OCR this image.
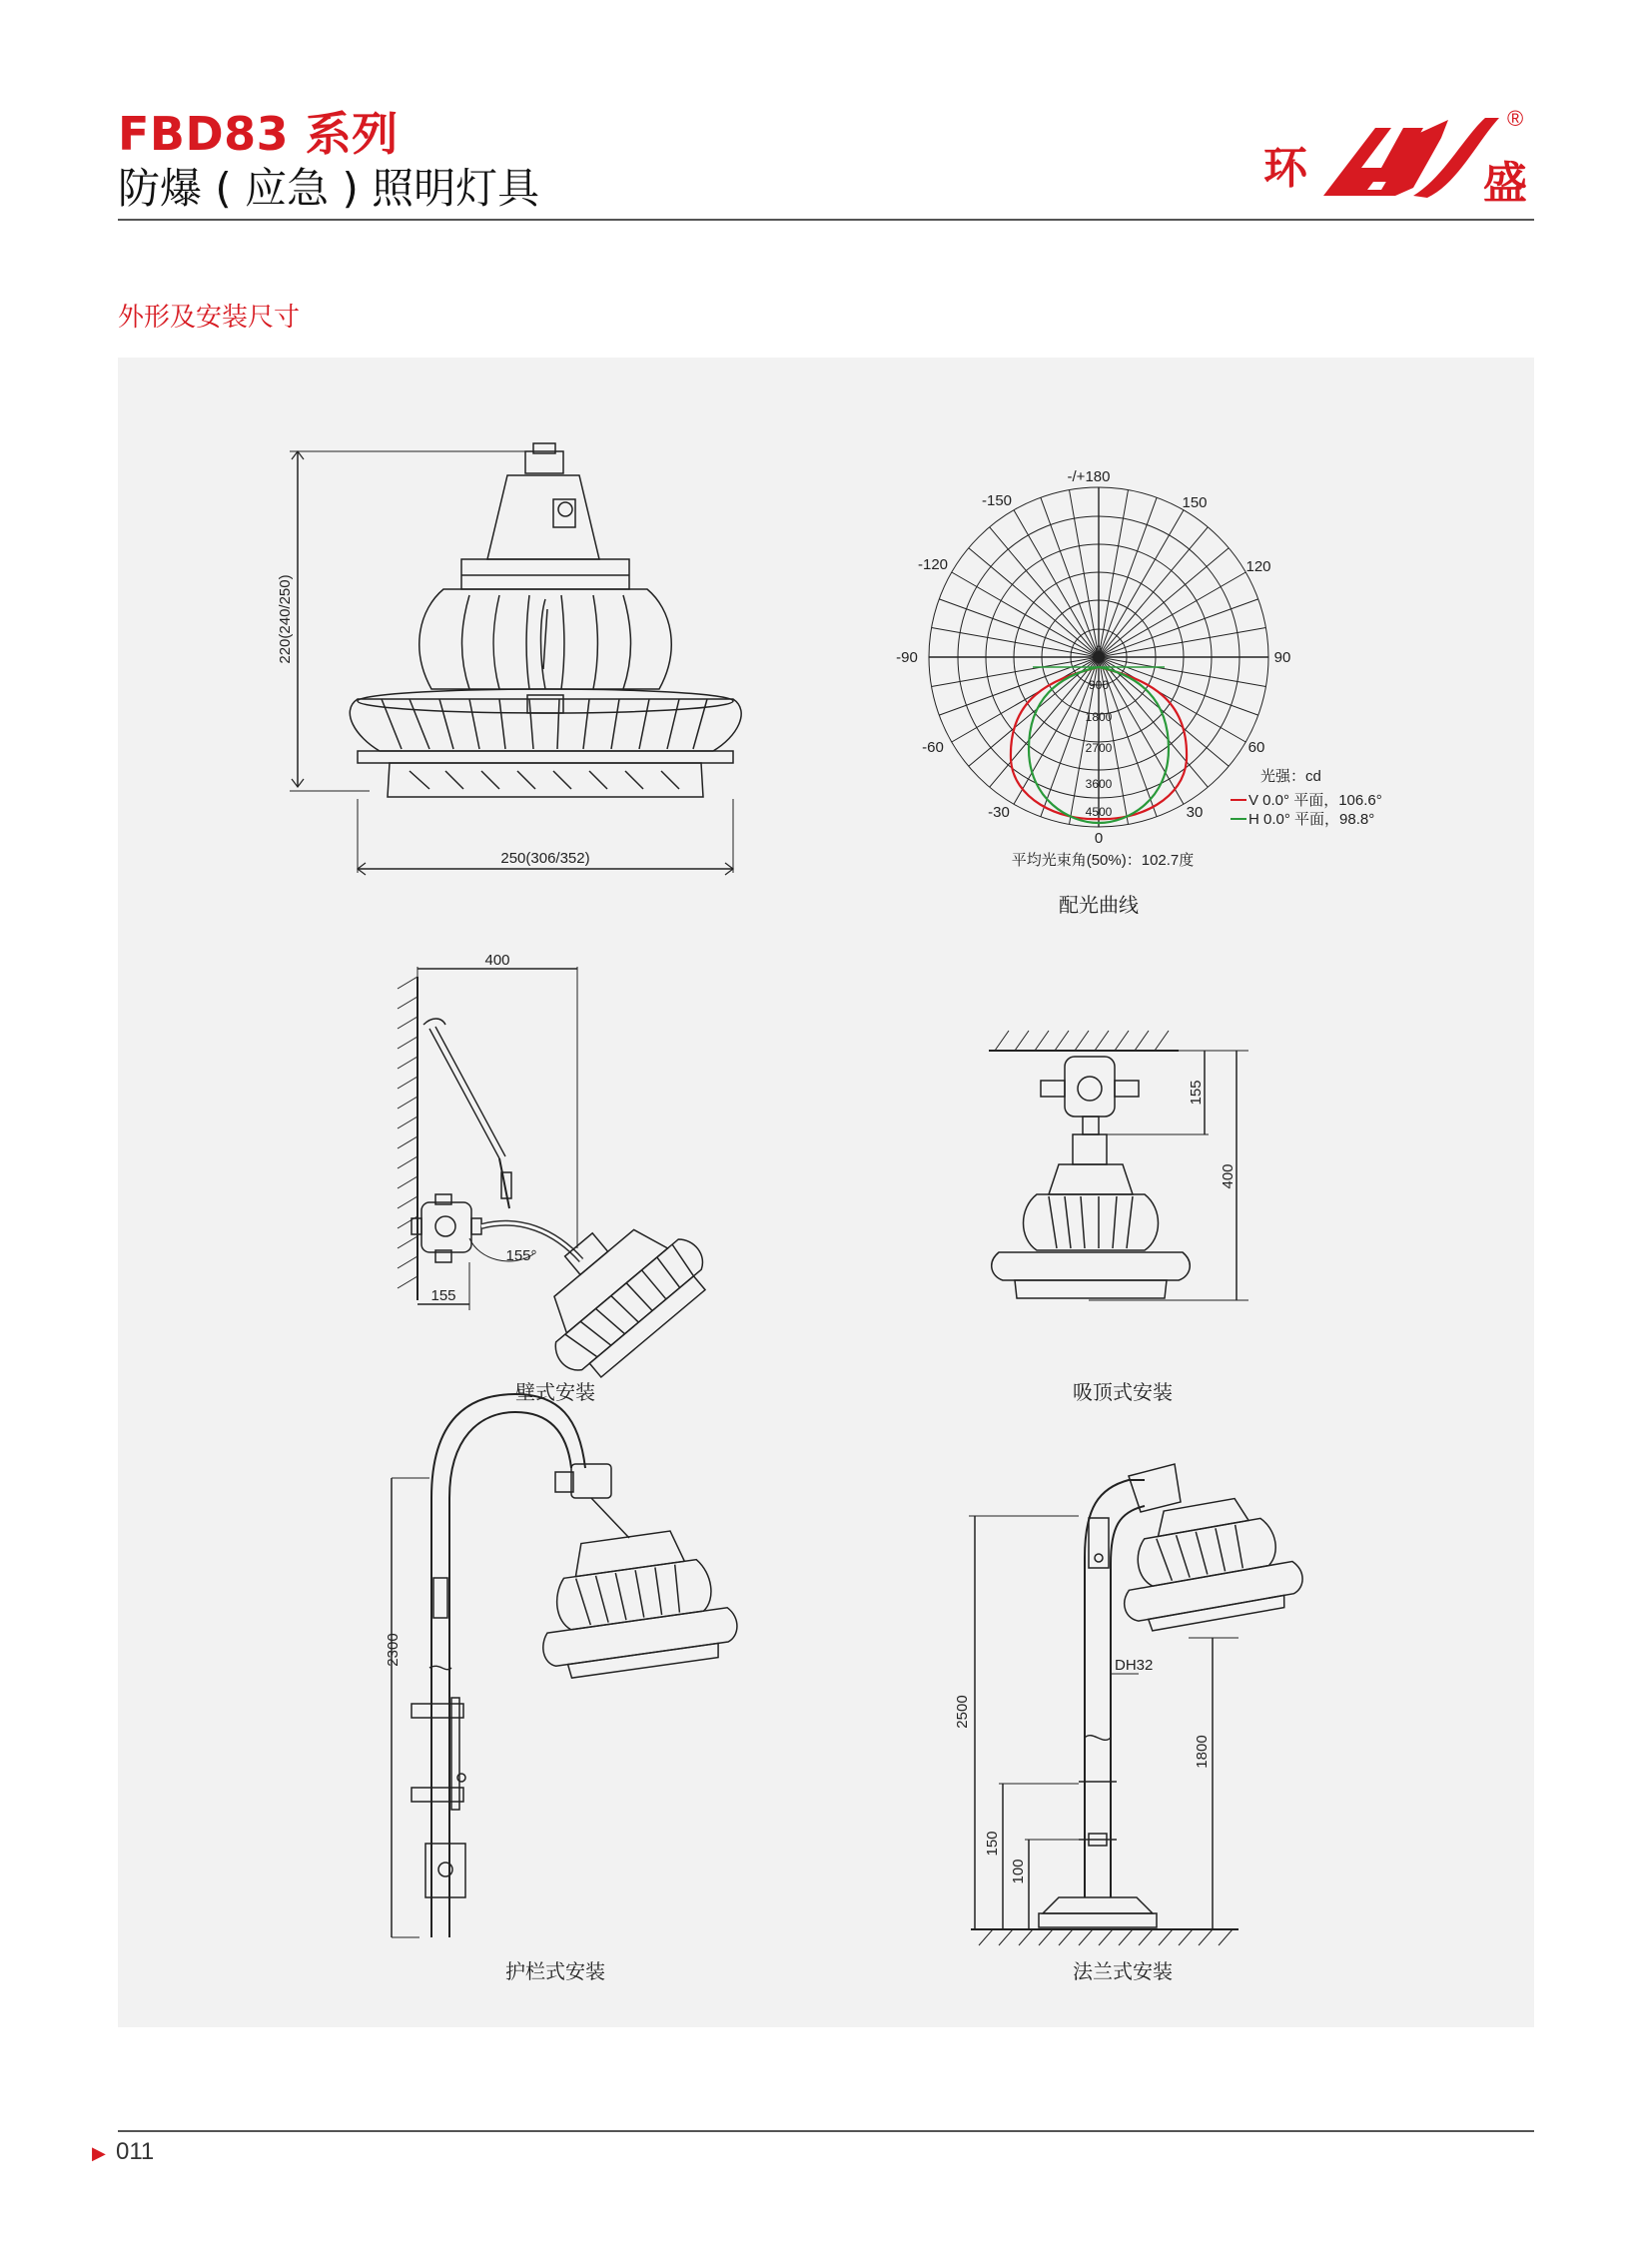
FBD83 系列
防爆 ( 应急 ) 照明灯具	环	盛
®
外形及安装尺寸
220(240/250)
250(306/352)
-/+180
-150	150
-120	120
-90	90
-60	60
-30	30
0
0
900
1800
2700
3600
4500
光强：cd
V 0.0° 平面，106.6°
H 0.0° 平面，98.8°
平均光束角(50%)：102.7度
400
155
155°
155
400
2300
2500
1800
150
100
DH32
配光曲线
壁式安装	吸顶式安装
护栏式安装	法兰式安装
▶ 011
